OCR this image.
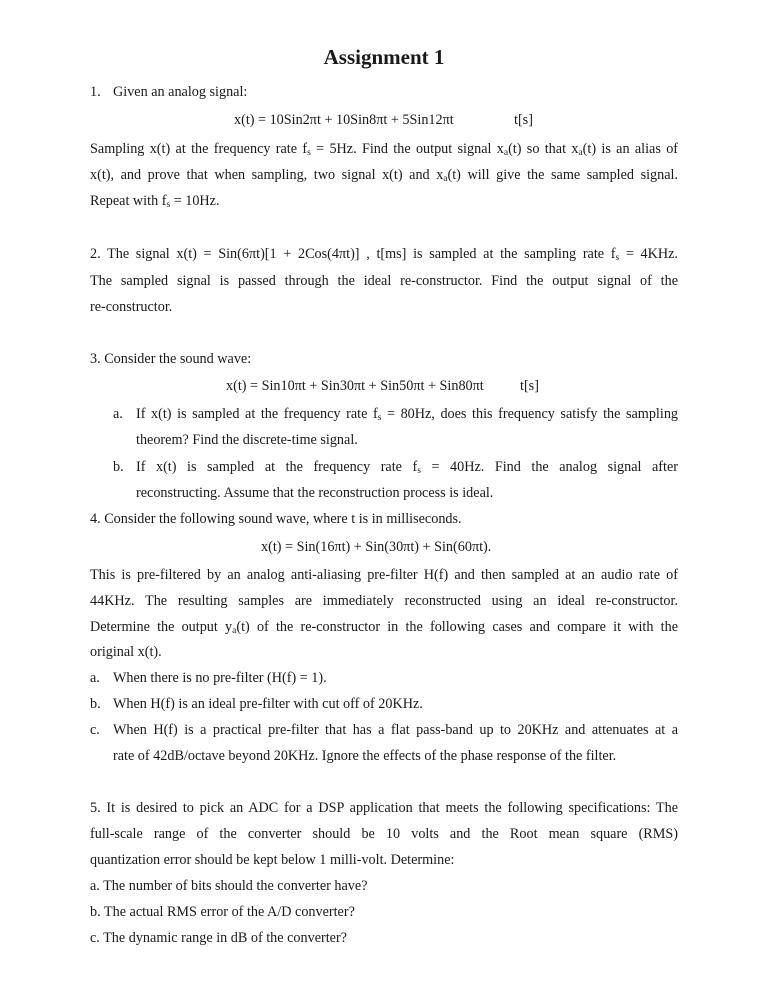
Assignment 1
1. Given an analog signal:
x(t) = 10Sin2πt + 10Sin8πt + 5Sin12πt	t[s]
Sampling x(t) at the frequency rate $f_s = 5Hz$. Find the output signal $x_a(t)$ so that $x_a(t)$ is an alias of
x(t), and prove that when sampling, two signal x(t) and $x_a(t)$ will give the same sampled signal.
Repeat with $f_s = 10Hz$.
2. The signal x(t) = Sin(6πt)[1 + 2Cos(4πt)] , t[ms] is sampled at the sampling rate $f_s = 4KHz$.
The sampled signal is passed through the ideal re-constructor. Find the output signal of the
re-constructor.
3. Consider the sound wave:
x(t) = Sin10πt + Sin30πt + Sin50πt + Sin80πt	t[s]
a. If x(t) is sampled at the frequency rate $f_s = 80Hz$, does this frequency satisfy the sampling
theorem? Find the discrete-time signal.
b. If x(t) is sampled at the frequency rate $f_s = 40Hz$. Find the analog signal after
reconstructing. Assume that the reconstruction process is ideal.
4. Consider the following sound wave, where t is in milliseconds.
x(t) = Sin(16πt) + Sin(30πt) + Sin(60πt).
This is pre-filtered by an analog anti-aliasing pre-filter H(f) and then sampled at an audio rate of
44KHz. The resulting samples are immediately reconstructed using an ideal re-constructor.
Determine the output $y_a(t)$ of the re-constructor in the following cases and compare it with the
original x(t).
a. When there is no pre-filter (H(f) = 1).
b. When H(f) is an ideal pre-filter with cut off of 20KHz.
c. When H(f) is a practical pre-filter that has a flat pass-band up to 20KHz and attenuates at a
rate of 42dB/octave beyond 20KHz. Ignore the effects of the phase response of the filter.
5. It is desired to pick an ADC for a DSP application that meets the following specifications: The
full-scale range of the converter should be 10 volts and the Root mean square (RMS)
quantization error should be kept below 1 milli-volt. Determine:
a. The number of bits should the converter have?
b. The actual RMS error of the A/D converter?
c. The dynamic range in dB of the converter?
